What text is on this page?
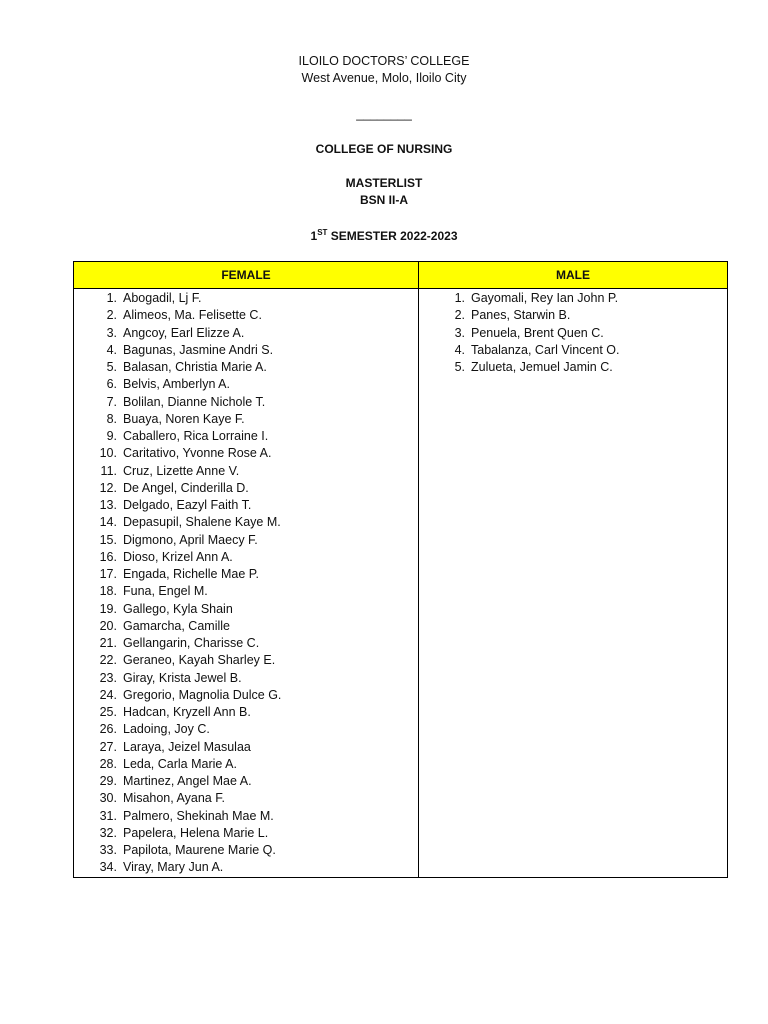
ILOILO DOCTORS’ COLLEGE
West Avenue, Molo, Iloilo City
________
COLLEGE OF NURSING
MASTERLIST
BSN II-A
1ST SEMESTER 2022-2023
FEMALE
1. Abogadil, Lj F.
2. Alimeos, Ma. Felisette C.
3. Angcoy, Earl Elizze A.
4. Bagunas, Jasmine Andri S.
5. Balasan, Christia Marie A.
6. Belvis, Amberlyn A.
7. Bolilan, Dianne Nichole T.
8. Buaya, Noren Kaye F.
9. Caballero, Rica Lorraine I.
10. Caritativo, Yvonne Rose A.
11. Cruz, Lizette Anne V.
12. De Angel, Cinderilla D.
13. Delgado, Eazyl Faith T.
14. Depasupil, Shalene Kaye M.
15. Digmono, April Maecy F.
16. Dioso, Krizel Ann A.
17. Engada, Richelle Mae P.
18. Funa, Engel M.
19. Gallego, Kyla Shain
20. Gamarcha, Camille
21. Gellangarin, Charisse C.
22. Geraneo, Kayah Sharley E.
23. Giray, Krista Jewel B.
24. Gregorio, Magnolia Dulce G.
25. Hadcan, Kryzell Ann B.
26. Ladoing, Joy C.
27. Laraya, Jeizel Masulaa
28. Leda, Carla Marie A.
29. Martinez, Angel Mae A.
30. Misahon, Ayana F.
31. Palmero, Shekinah Mae M.
32. Papelera, Helena Marie L.
33. Papilota, Maurene Marie Q.
34. Viray, Mary Jun A.
MALE
1. Gayomali, Rey Ian John P.
2. Panes, Starwin B.
3. Penuela, Brent Quen C.
4. Tabalanza, Carl Vincent O.
5. Zulueta, Jemuel Jamin C.
